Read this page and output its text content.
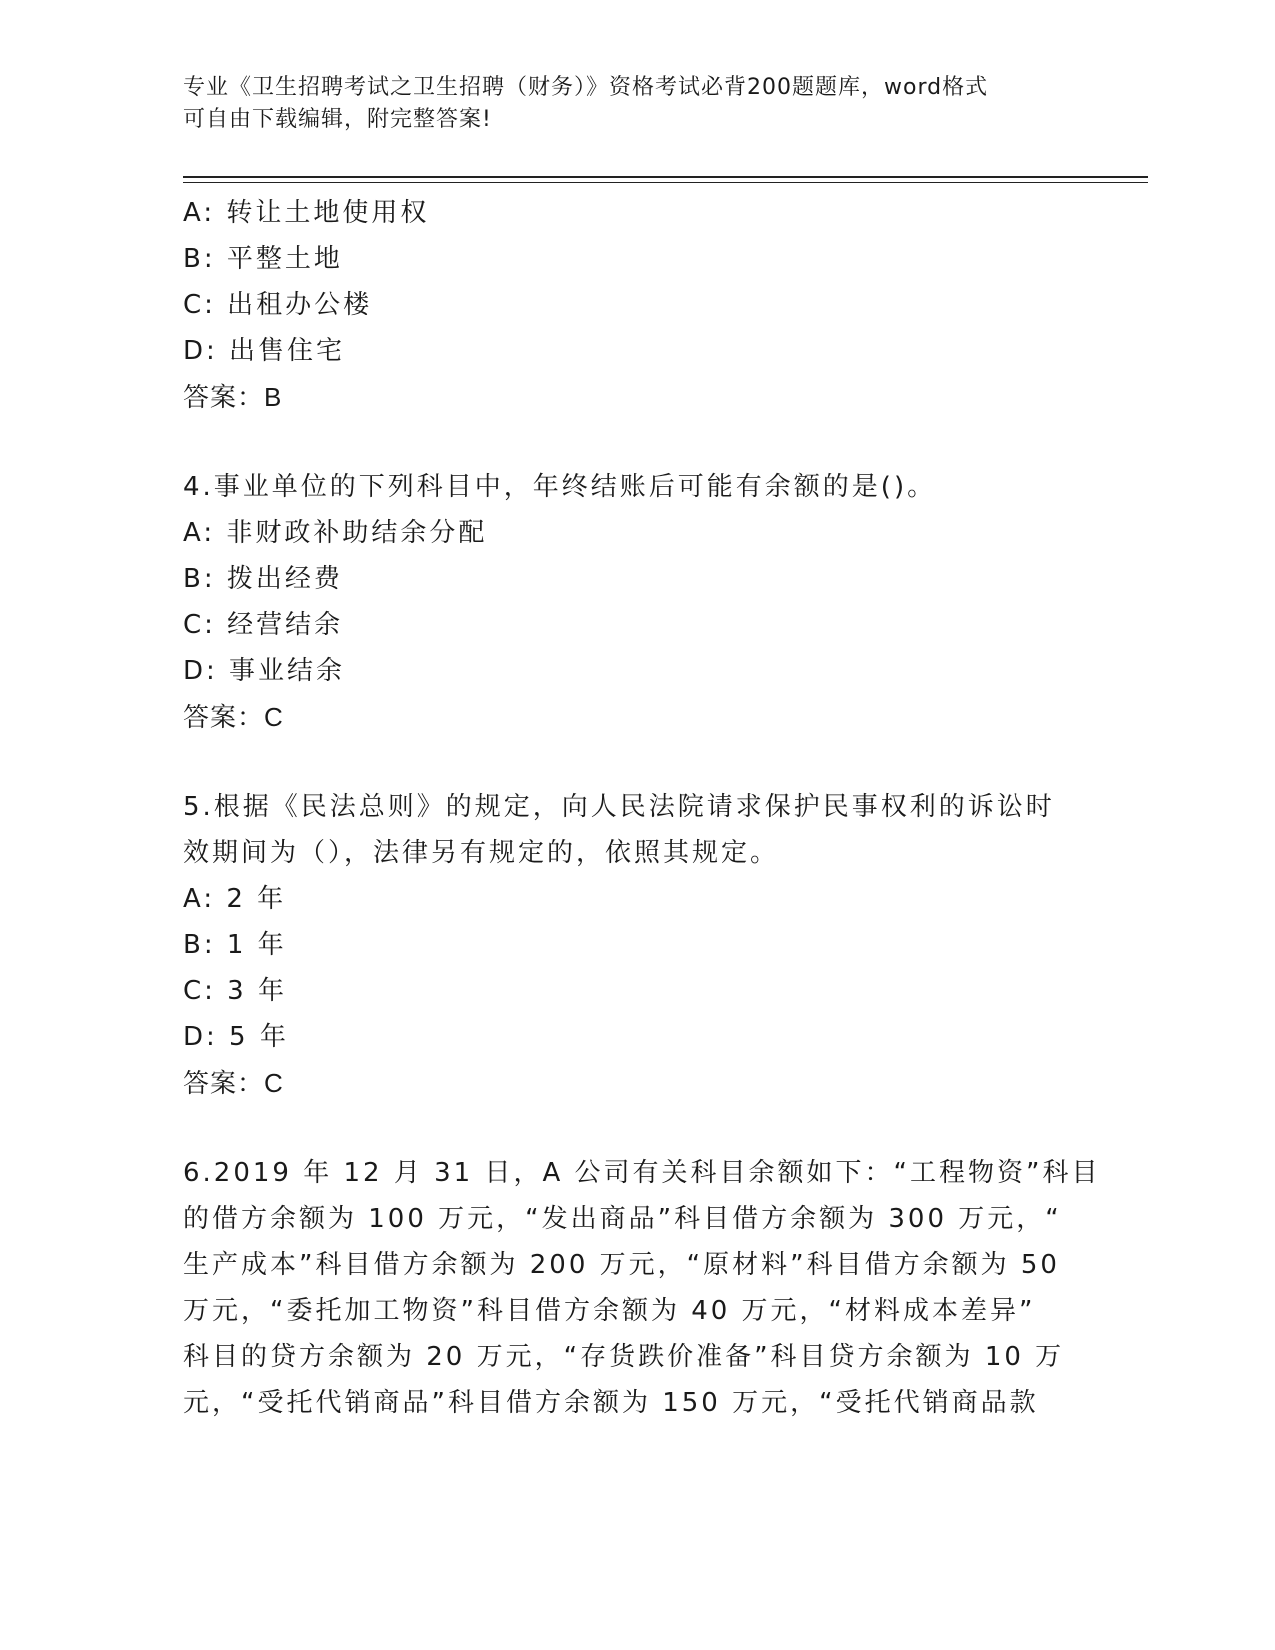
专业《卫生招聘考试之卫生招聘（财务）》资格考试必背200题题库，word格式
可自由下载编辑，附完整答案!
A: 转让土地使用权
B: 平整土地
C: 出租办公楼
D: 出售住宅
答案：B
4.事业单位的下列科目中，年终结账后可能有余额的是()。
A: 非财政补助结余分配
B: 拨出经费
C: 经营结余
D: 事业结余
答案：C
5.根据《民法总则》的规定，向人民法院请求保护民事权利的诉讼时
效期间为（），法律另有规定的，依照其规定。
A: 2 年
B: 1 年
C: 3 年
D: 5 年
答案：C
6.2019 年 12 月 31 日，A 公司有关科目余额如下：“工程物资”科目
的借方余额为 100 万元，“发出商品”科目借方余额为 300 万元，“
生产成本”科目借方余额为 200 万元，“原材料”科目借方余额为 50
万元，“委托加工物资”科目借方余额为 40 万元，“材料成本差异”
科目的贷方余额为 20 万元，“存货跌价准备”科目贷方余额为 10 万
元，“受托代销商品”科目借方余额为 150 万元，“受托代销商品款
